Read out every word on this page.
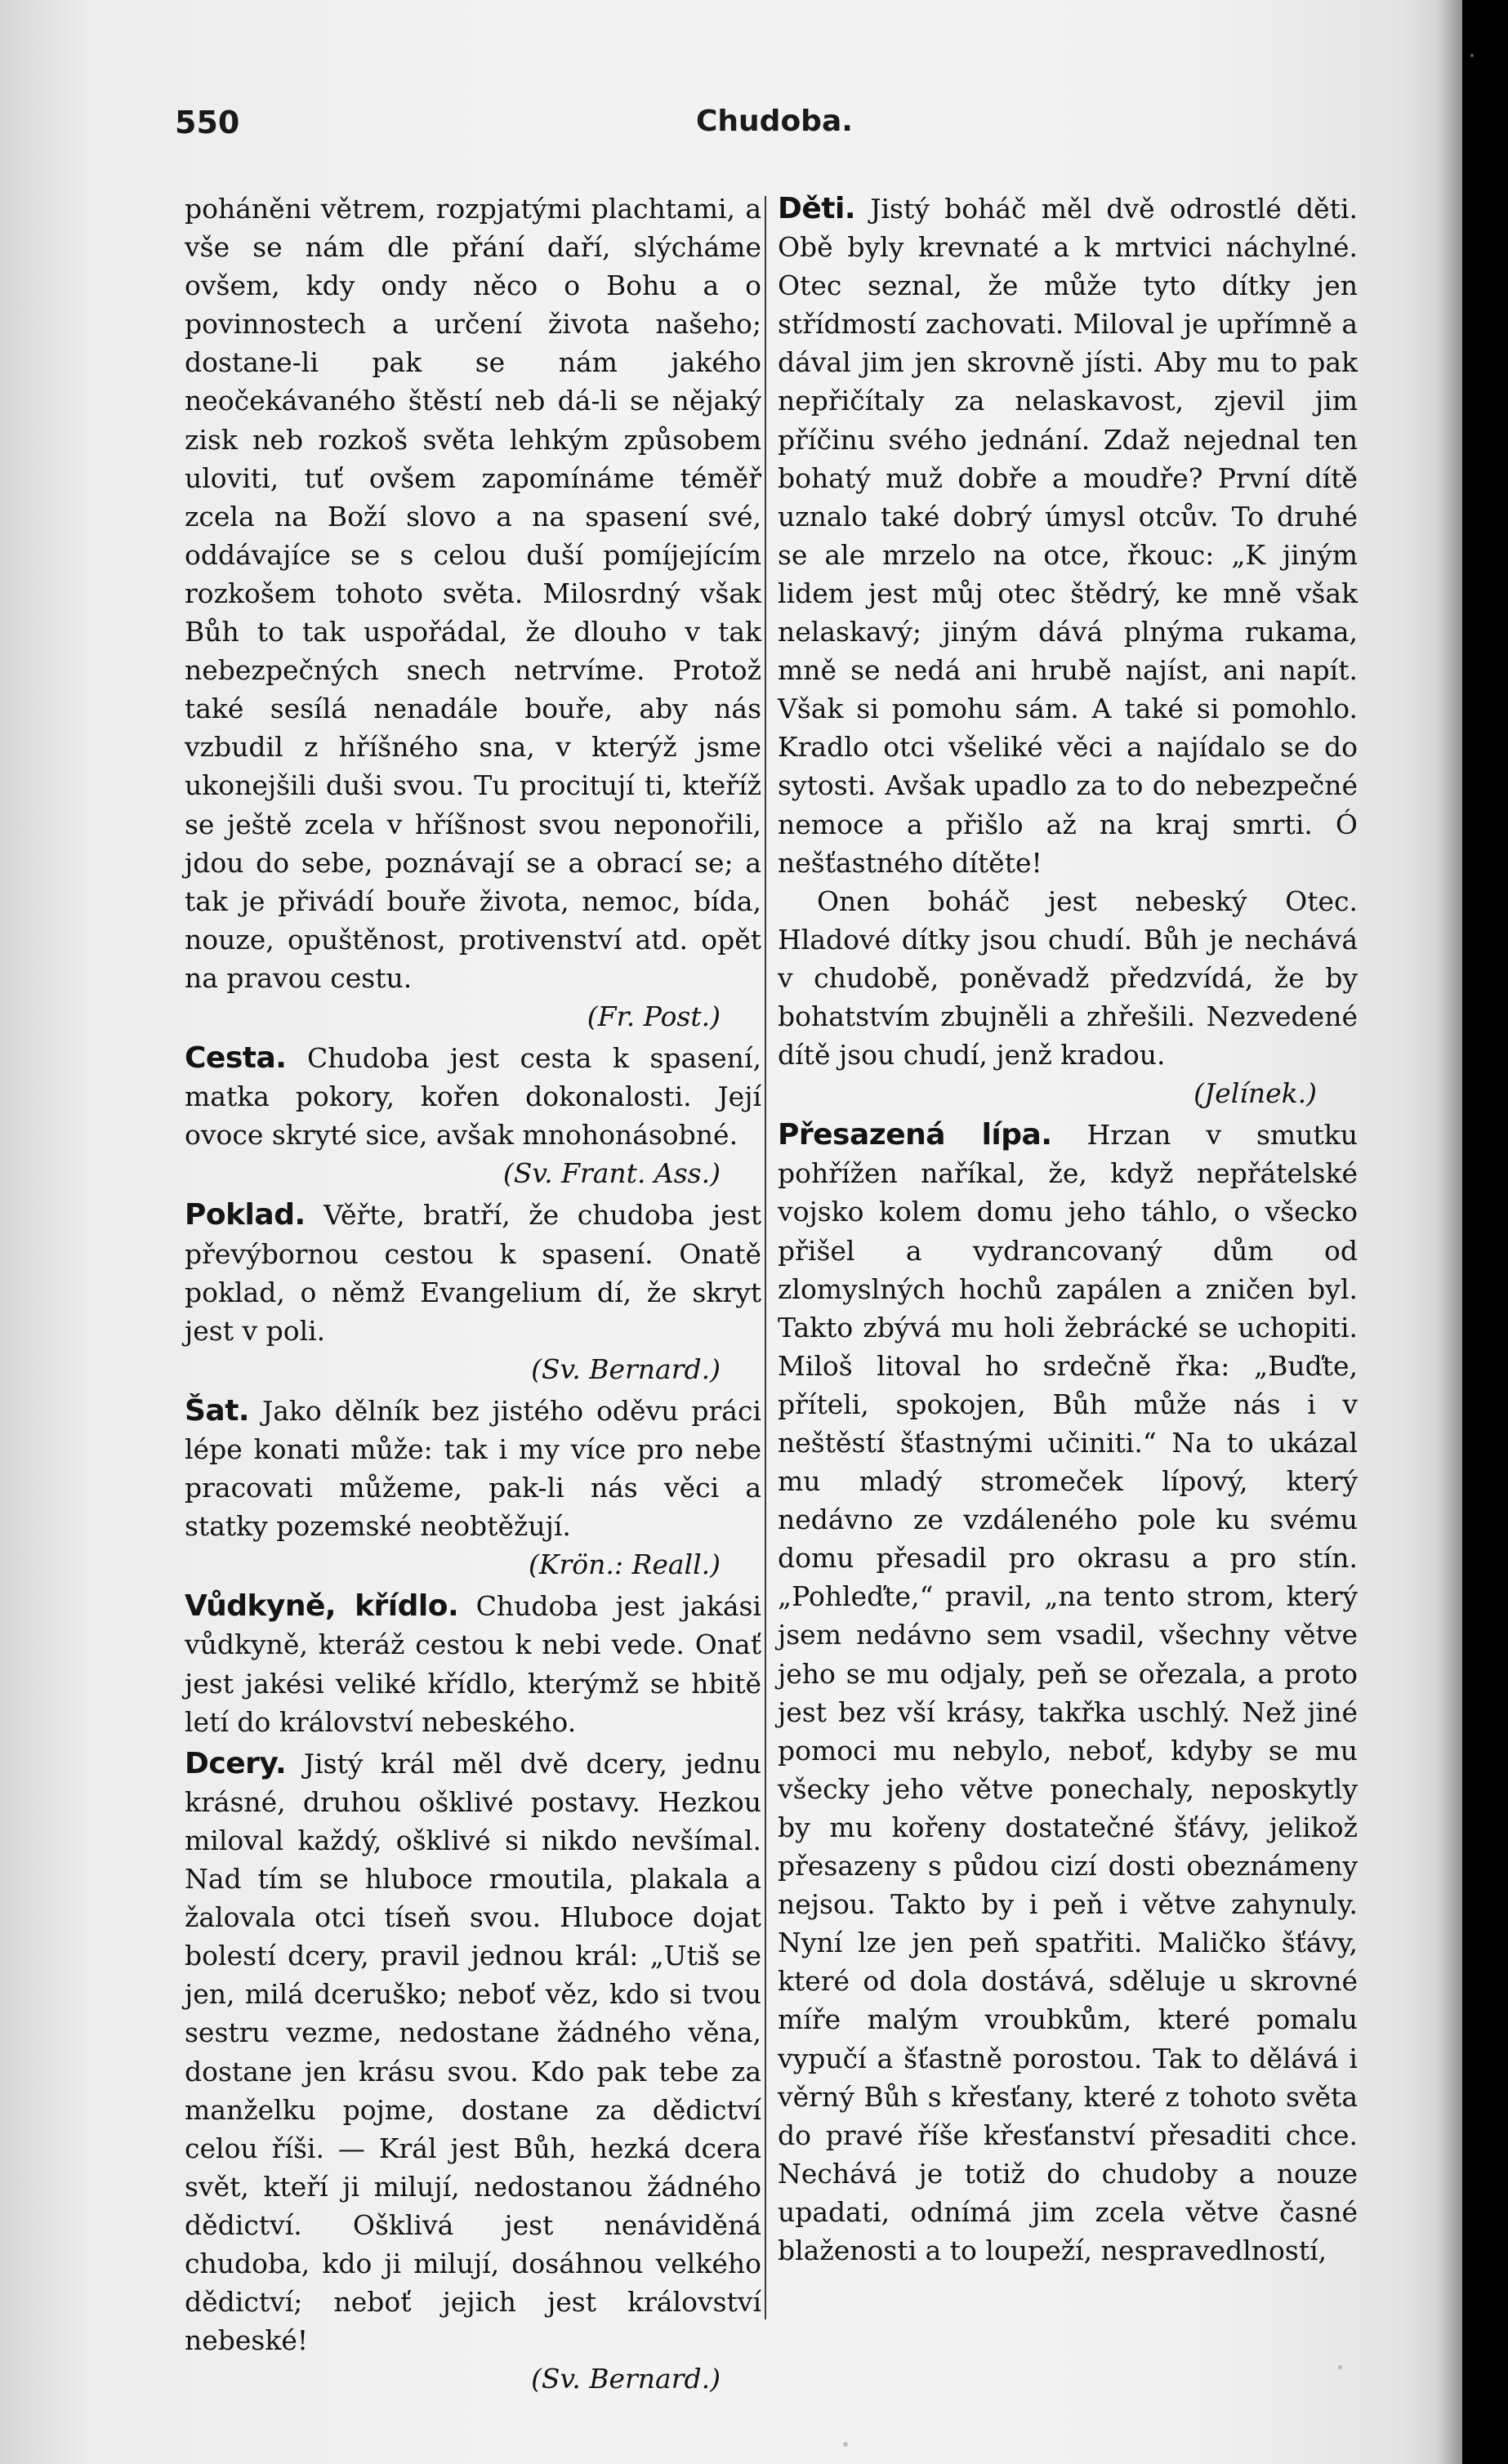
550	Chudoba.

poháněni větrem, rozpjatými plachtami, a vše se nám dle přání daří, slýcháme ovšem, kdy ondy něco o Bohu a o povinnostech a určení života našeho; dostane-li pak se nám jakého neočekávaného štěstí neb dá-li se nějaký zisk neb rozkoš světa lehkým způsobem uloviti, tuť ovšem zapomínáme téměř zcela na Boží slovo a na spasení své, oddávajíce se s celou duší pomíjejícím rozkošem tohoto světa. Milosrdný však Bůh to tak uspořádal, že dlouho v tak nebezpečných snech netrvíme. Protož také sesílá nenadále bouře, aby nás vzbudil z hříšného sna, v kterýž jsme ukonejšili duši svou. Tu procitují ti, kteříž se ještě zcela v hříšnost svou neponořili, jdou do sebe, poznávají se a obrací se; a tak je přivádí bouře života, nemoc, bída, nouze, opuštěnost, protivenství atd. opět na pravou cestu.
(Fr. Post.)

Cesta. Chudoba jest cesta k spasení, matka pokory, kořen dokonalosti. Její ovoce skryté sice, avšak mnohonásobné.
(Sv. Frant. Ass.)

Poklad. Věřte, bratří, že chudoba jest převýbornou cestou k spasení. Onatě poklad, o němž Evangelium dí, že skryt jest v poli.
(Sv. Bernard.)

Šat. Jako dělník bez jistého oděvu práci lépe konati může: tak i my více pro nebe pracovati můžeme, pak-li nás věci a statky pozemské neobtěžují.
(Krön.: Reall.)

Vůdkyně, křídlo. Chudoba jest jakási vůdkyně, kteráž cestou k nebi vede. Onať jest jakési veliké křídlo, kterýmž se hbitě letí do království nebeského.

Dcery. Jistý král měl dvě dcery, jednu krásné, druhou ošklivé postavy. Hezkou miloval každý, ošklivé si nikdo nevšímal. Nad tím se hluboce rmoutila, plakala a žalovala otci tíseň svou. Hluboce dojat bolestí dcery, pravil jednou král: „Utiš se jen, milá dceruško; neboť věz, kdo si tvou sestru vezme, nedostane žádného věna, dostane jen krásu svou. Kdo pak tebe za manželku pojme, dostane za dědictví celou říši. — Král jest Bůh, hezká dcera svět, kteří ji milují, nedostanou žádného dědictví. Ošklivá jest nenáviděná chudoba, kdo ji milují, dosáhnou velkého dědictví; neboť jejich jest království nebeské!
(Sv. Bernard.)

Děti. Jistý boháč měl dvě odrostlé děti. Obě byly krevnaté a k mrtvici náchylné. Otec seznal, že může tyto dítky jen střídmostí zachovati. Miloval je upřímně a dával jim jen skrovně jísti. Aby mu to pak nepřičítaly za nelaskavost, zjevil jim příčinu svého jednání. Zdaž nejednal ten bohatý muž dobře a moudře? První dítě uznalo také dobrý úmysl otcův. To druhé se ale mrzelo na otce, řkouc: „K jiným lidem jest můj otec štědrý, ke mně však nelaskavý; jiným dává plnýma rukama, mně se nedá ani hrubě najíst, ani napít. Však si pomohu sám. A také si pomohlo. Kradlo otci všeliké věci a najídalo se do sytosti. Avšak upadlo za to do nebezpečné nemoce a přišlo až na kraj smrti. Ó nešťastného dítěte!
Onen boháč jest nebeský Otec. Hladové dítky jsou chudí. Bůh je nechává v chudobě, poněvadž předzvídá, že by bohatstvím zbujněli a zhřešili. Nezvedené dítě jsou chudí, jenž kradou.
(Jelínek.)

Přesazená lípa. Hrzan v smutku pohřížen naříkal, že, když nepřátelské vojsko kolem domu jeho táhlo, o všecko přišel a vydrancovaný dům od zlomyslných hochů zapálen a zničen byl. Takto zbývá mu holi žebrácké se uchopiti. Miloš litoval ho srdečně řka: „Buďte, příteli, spokojen, Bůh může nás i v neštěstí šťastnými učiniti.“ Na to ukázal mu mladý stromeček lípový, který nedávno ze vzdáleného pole ku svému domu přesadil pro okrasu a pro stín. „Pohleďte,“ pravil, „na tento strom, který jsem nedávno sem vsadil, všechny větve jeho se mu odjaly, peň se ořezala, a proto jest bez vší krásy, takřka uschlý. Než jiné pomoci mu nebylo, neboť, kdyby se mu všecky jeho větve ponechaly, neposkytly by mu kořeny dostatečné šťávy, jelikož přesazeny s půdou cizí dosti obeznámeny nejsou. Takto by i peň i větve zahynuly. Nyní lze jen peň spatřiti. Maličko šťávy, které od dola dostává, sděluje u skrovné míře malým vroubkům, které pomalu vypučí a šťastně porostou. Tak to dělává i věrný Bůh s křesťany, které z tohoto světa do pravé říše křesťanství přesaditi chce. Nechává je totiž do chudoby a nouze upadati, odnímá jim zcela větve časné blaženosti a to loupeží, nespravedlností,
